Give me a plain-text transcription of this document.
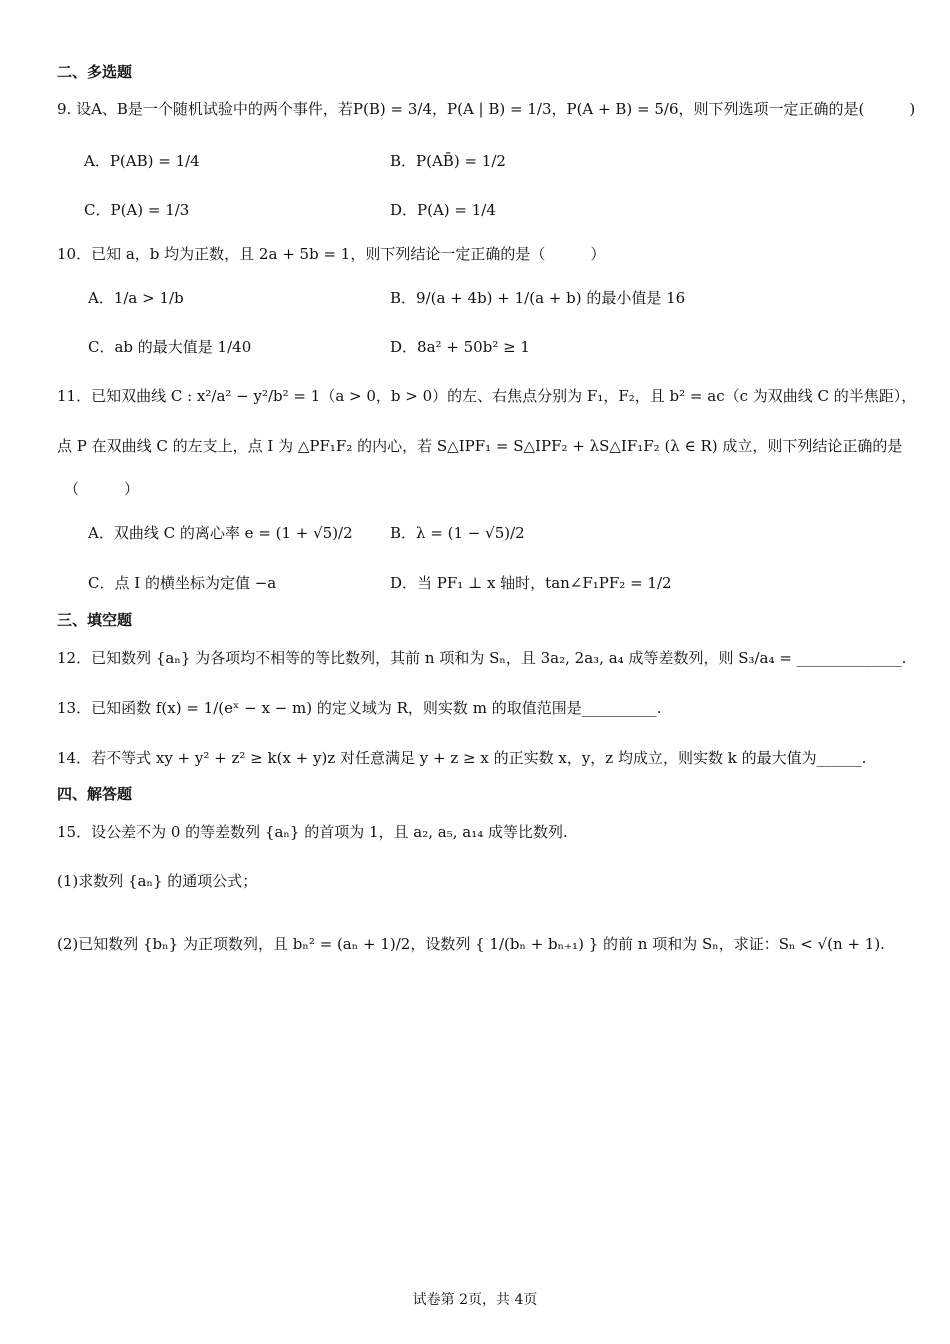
二、多选题
9. 设A、B是一个随机试验中的两个事件，若P(B) = 3/4，P(A | B) = 1/3，P(A + B) = 5/6，则下列选项一定正确的是(　　　)
A．P(AB) = 1/4	B．P(AB̄) = 1/2
C．P(A) = 1/3	D．P(A) = 1/4
10．已知 a，b 均为正数，且 2a + 5b = 1，则下列结论一定正确的是（　　　）
A．1/a > 1/b	B．9/(a + 4b) + 1/(a + b) 的最小值是 16
C．ab 的最大值是 1/40	D．8a² + 50b² ≥ 1
11．已知双曲线 C : x²/a² − y²/b² = 1（a > 0，b > 0）的左、右焦点分别为 F₁，F₂，且 b² = ac（c 为双曲线 C 的半焦距），
点 P 在双曲线 C 的左支上，点 I 为 △PF₁F₂ 的内心，若 S△IPF₁ = S△IPF₂ + λS△IF₁F₂ (λ ∈ R) 成立，则下列结论正确的是
（　　　）
A．双曲线 C 的离心率 e = (1 + √5)/2 B．λ = (1 − √5)/2
C．点 I 的横坐标为定值 −a	D．当 PF₁ ⊥ x 轴时，tan∠F₁PF₂ = 1/2
三、填空题
12．已知数列 {aₙ} 为各项均不相等的等比数列，其前 n 项和为 Sₙ，且 3a₂, 2a₃, a₄ 成等差数列，则 S₃/a₄ = ______________.
13．已知函数 f(x) = 1/(eˣ − x − m) 的定义域为 R，则实数 m 的取值范围是__________.
14．若不等式 xy + y² + z² ≥ k(x + y)z 对任意满足 y + z ≥ x 的正实数 x，y，z 均成立，则实数 k 的最大值为______.
四、解答题
15．设公差不为 0 的等差数列 {aₙ} 的首项为 1，且 a₂, a₅, a₁₄ 成等比数列.
(1)求数列 {aₙ} 的通项公式；
(2)已知数列 {bₙ} 为正项数列，且 bₙ² = (aₙ + 1)/2，设数列 { 1/(bₙ + bₙ₊₁) } 的前 n 项和为 Sₙ，求证：Sₙ < √(n + 1).
试卷第 2页，共 4页
